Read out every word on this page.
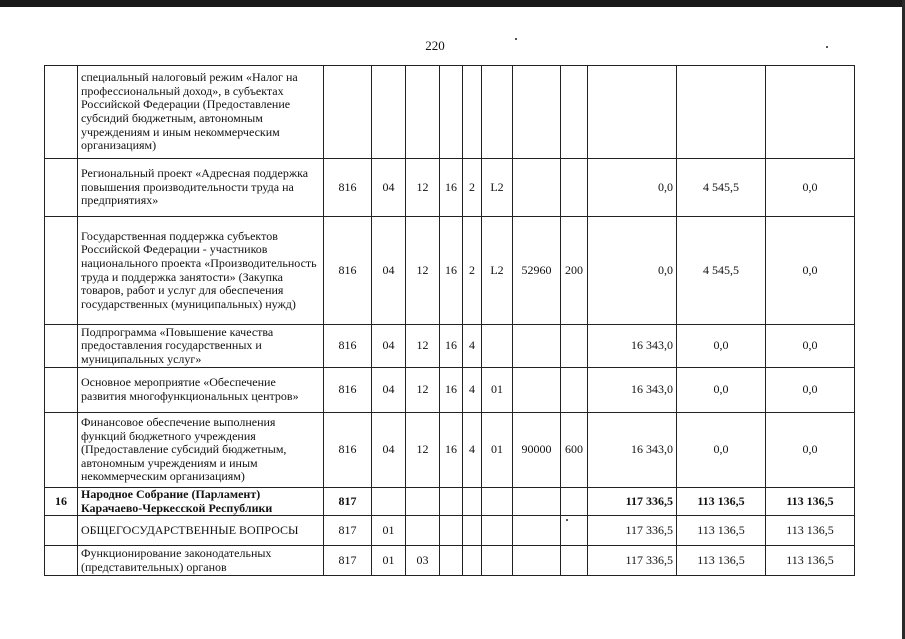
220
	специальный налоговый режим «Налог на профессиональный доход», в субъектах Российской Федерации (Предоставление субсидий бюджетным, автономным учреждениям и иным некоммерческим организациям)											
	Региональный проект «Адресная поддержка повышения производительности труда на предприятиях»	816	04	12	16	2	L2			0,0	4 545,5	0,0
	Государственная поддержка субъектов Российской Федерации - участников национального проекта «Производительность труда и поддержка занятости» (Закупка товаров, работ и услуг для обеспечения государственных (муниципальных) нужд)	816	04	12	16	2	L2	52960	200	0,0	4 545,5	0,0
	Подпрограмма «Повышение качества предоставления государственных и муниципальных услуг»	816	04	12	16	4				16 343,0	0,0	0,0
	Основное мероприятие «Обеспечение развития многофункциональных центров»	816	04	12	16	4	01			16 343,0	0,0	0,0
	Финансовое обеспечение выполнения функций бюджетного учреждения (Предоставление субсидий бюджетным, автономным учреждениям и иным некоммерческим организациям)	816	04	12	16	4	01	90000	600	16 343,0	0,0	0,0
16	Народное Собрание (Парламент) Карачаево-Черкесской Республики	817								117 336,5	113 136,5	113 136,5
	ОБЩЕГОСУДАРСТВЕННЫЕ ВОПРОСЫ	817	01							117 336,5	113 136,5	113 136,5
	Функционирование законодательных (представительных) органов	817	01	03						117 336,5	113 136,5	113 136,5
